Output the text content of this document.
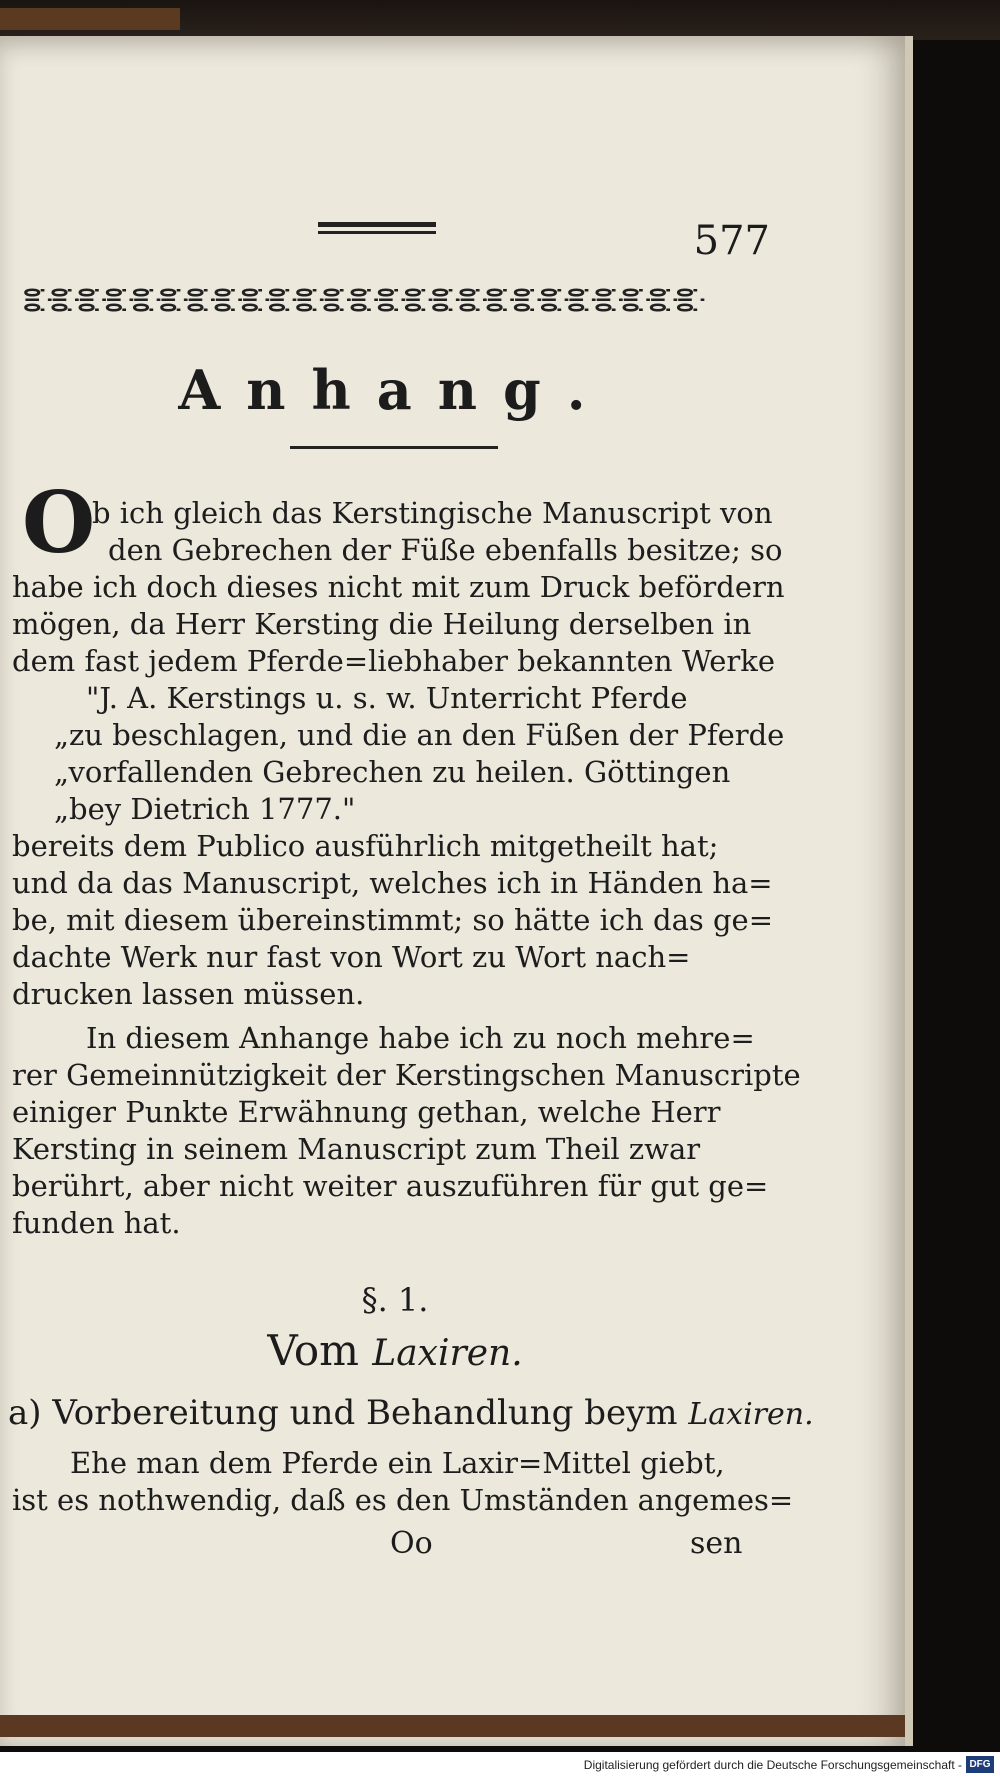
577
ⴻⴾⴻⴾⴻⴾⴻⴾⴻⴾⴻⴾⴻⴾⴻⴾⴻⴾⴻⴾⴻⴾⴻⴾⴻⴾⴻⴾⴻⴾⴻⴾⴻⴾⴻⴾⴻⴾⴻⴾⴻⴾⴻⴾⴻⴾⴻⴾⴻⴾ
Anhang.
O
b ich gleich das Kerstingische Manuscript von
den Gebrechen der Füße ebenfalls besitze; so
habe ich doch dieses nicht mit zum Druck befördern
mögen, da Herr Kersting die Heilung derselben in
dem fast jedem Pferde=liebhaber bekannten Werke
"J. A. Kerstings u. s. w. Unterricht Pferde
„zu beschlagen, und die an den Füßen der Pferde
„vorfallenden Gebrechen zu heilen. Göttingen
„bey Dietrich 1777."
bereits dem Publico ausführlich mitgetheilt hat;
und da das Manuscript, welches ich in Händen ha=
be, mit diesem übereinstimmt; so hätte ich das ge=
dachte Werk nur fast von Wort zu Wort nach=
drucken lassen müssen.
In diesem Anhange habe ich zu noch mehre=
rer Gemeinnützigkeit der Kerstingschen Manuscripte
einiger Punkte Erwähnung gethan, welche Herr
Kersting in seinem Manuscript zum Theil zwar
berührt, aber nicht weiter auszuführen für gut ge=
funden hat.
§. 1.
Vom Laxiren.
a) Vorbereitung und Behandlung beym Laxiren.
Ehe man dem Pferde ein Laxir=Mittel giebt,
ist es nothwendig, daß es den Umständen angemes=
Oo	sen
Digitalisierung gefördert durch die Deutsche Forschungsgemeinschaft - DFG
